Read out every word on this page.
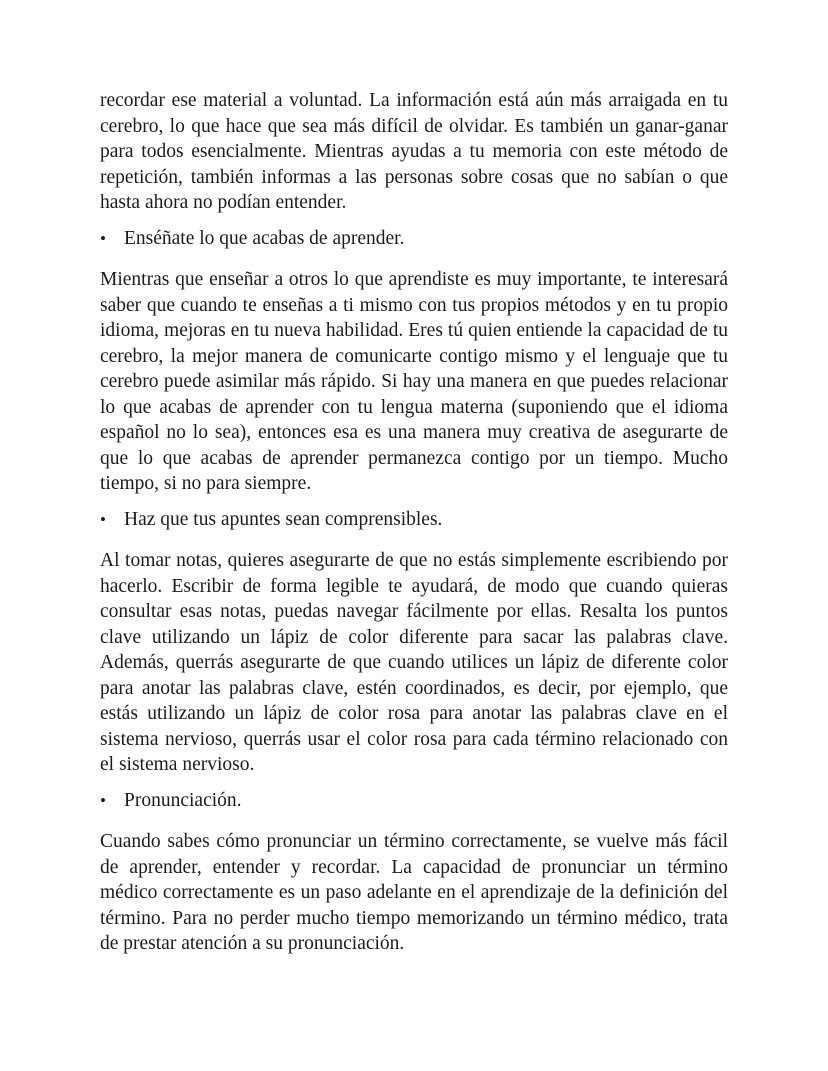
recordar ese material a voluntad. La información está aún más arraigada en tu cerebro, lo que hace que sea más difícil de olvidar. Es también un ganar-ganar para todos esencialmente. Mientras ayudas a tu memoria con este método de repetición, también informas a las personas sobre cosas que no sabían o que hasta ahora no podían entender.

• Enséñate lo que acabas de aprender.

Mientras que enseñar a otros lo que aprendiste es muy importante, te interesará saber que cuando te enseñas a ti mismo con tus propios métodos y en tu propio idioma, mejoras en tu nueva habilidad. Eres tú quien entiende la capacidad de tu cerebro, la mejor manera de comunicarte contigo mismo y el lenguaje que tu cerebro puede asimilar más rápido. Si hay una manera en que puedes relacionar lo que acabas de aprender con tu lengua materna (suponiendo que el idioma español no lo sea), entonces esa es una manera muy creativa de asegurarte de que lo que acabas de aprender permanezca contigo por un tiempo. Mucho tiempo, si no para siempre.

• Haz que tus apuntes sean comprensibles.

Al tomar notas, quieres asegurarte de que no estás simplemente escribiendo por hacerlo. Escribir de forma legible te ayudará, de modo que cuando quieras consultar esas notas, puedas navegar fácilmente por ellas. Resalta los puntos clave utilizando un lápiz de color diferente para sacar las palabras clave. Además, querrás asegurarte de que cuando utilices un lápiz de diferente color para anotar las palabras clave, estén coordinados, es decir, por ejemplo, que estás utilizando un lápiz de color rosa para anotar las palabras clave en el sistema nervioso, querrás usar el color rosa para cada término relacionado con el sistema nervioso.

• Pronunciación.

Cuando sabes cómo pronunciar un término correctamente, se vuelve más fácil de aprender, entender y recordar. La capacidad de pronunciar un término médico correctamente es un paso adelante en el aprendizaje de la definición del término. Para no perder mucho tiempo memorizando un término médico, trata de prestar atención a su pronunciación.
